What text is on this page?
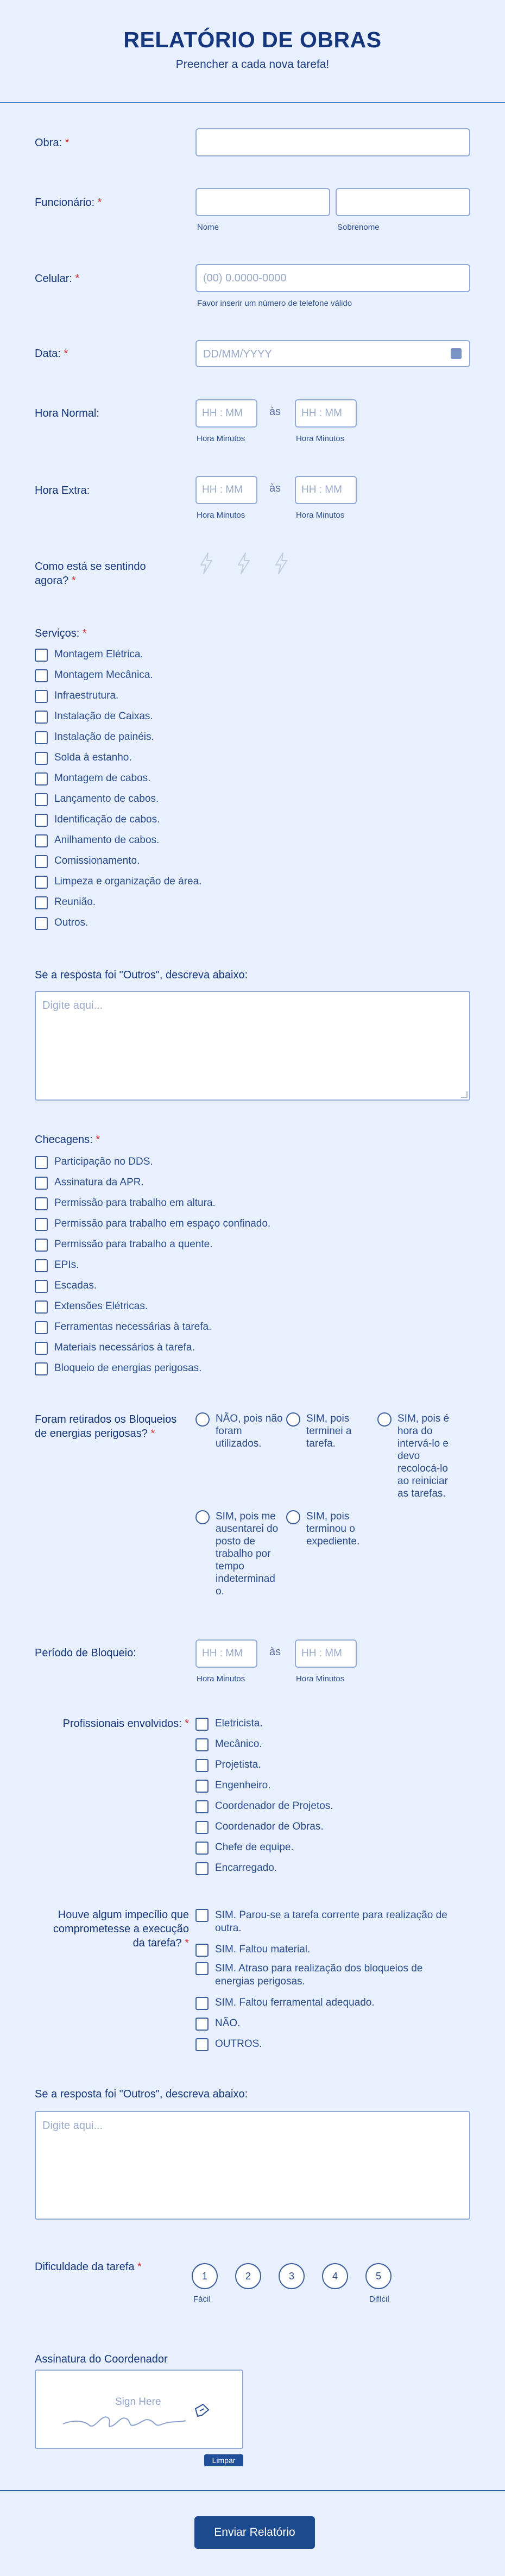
RELATÓRIO DE OBRAS
Preencher a cada nova tarefa!
Obra: *
Funcionário: *
Nome	Sobrenome
Celular: *	(00) 0.0000-0000
Favor inserir um número de telefone válido
Data: *	DD/MM/YYYY
Hora Normal:	HH : MM	às	HH : MM
Hora Minutos	Hora Minutos
Hora Extra:	HH : MM	às	HH : MM
Hora Minutos	Hora Minutos
Como está se sentindo agora? *
Serviços: *
Montagem Elétrica.
Montagem Mecânica.
Infraestrutura.
Instalação de Caixas.
Instalação de painéis.
Solda à estanho.
Montagem de cabos.
Lançamento de cabos.
Identificação de cabos.
Anilhamento de cabos.
Comissionamento.
Limpeza e organização de área.
Reunião.
Outros.
Se a resposta foi "Outros", descreva abaixo:
Digite aqui...
Checagens: *
Participação no DDS.
Assinatura da APR.
Permissão para trabalho em altura.
Permissão para trabalho em espaço confinado.
Permissão para trabalho a quente.
EPIs.
Escadas.
Extensões Elétricas.
Ferramentas necessárias à tarefa.
Materiais necessários à tarefa.
Bloqueio de energias perigosas.
Foram retirados os Bloqueios
de energias perigosas? *
NÃO, pois não
foram
utilizados.
SIM, pois
terminei a
tarefa.
SIM, pois é
hora do
intervá-lo e
devo
recolocá-lo
ao reiniciar
as tarefas.
SIM, pois me
ausentarei do
posto de
trabalho por
tempo
indeterminad
o.
SIM, pois
terminou o
expediente.
Período de Bloqueio:	HH : MM	às	HH : MM
Hora Minutos	Hora Minutos
Profissionais envolvidos: *	Eletricista.
Mecânico.
Projetista.
Engenheiro.
Coordenador de Projetos.
Coordenador de Obras.
Chefe de equipe.
Encarregado.
Houve algum impecílio que
comprometesse a execução
da tarefa? *
SIM. Parou-se a tarefa corrente para realização de
outra.
SIM. Faltou material.
SIM. Atraso para realização dos bloqueios de
energias perigosas.
SIM. Faltou ferramental adequado.
NÃO.
OUTROS.
Se a resposta foi "Outros", descreva abaixo:
Digite aqui...
Dificuldade da tarefa *
1	2	3	4	5
Fácil	Difícil
Assinatura do Coordenador
Sign Here
Limpar
Enviar Relatório
